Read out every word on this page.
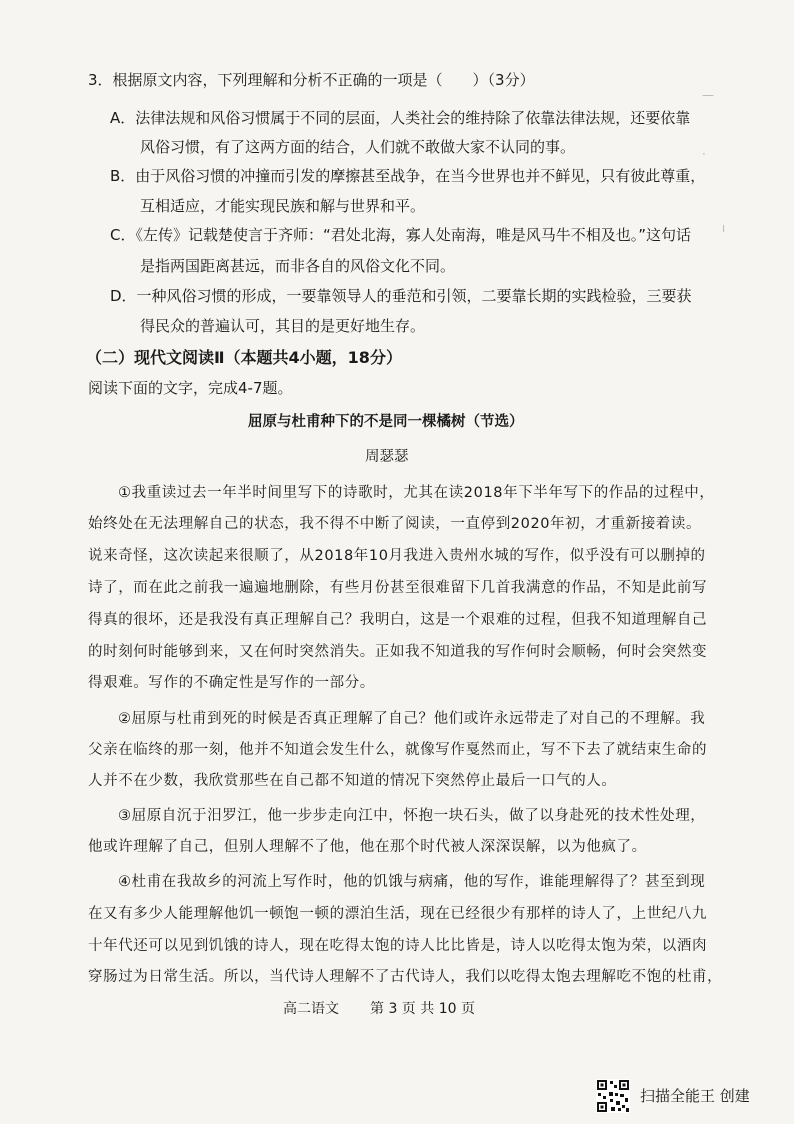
—
·
╷
3．根据原文内容，下列理解和分析不正确的一项是（　　）（3分）
A．法律法规和风俗习惯属于不同的层面，人类社会的维持除了依靠法律法规，还要依靠
风俗习惯，有了这两方面的结合，人们就不敢做大家不认同的事。
B．由于风俗习惯的冲撞而引发的摩擦甚至战争，在当今世界也并不鲜见，只有彼此尊重，
互相适应，才能实现民族和解与世界和平。
C．《左传》记载楚使言于齐师：“君处北海，寡人处南海，唯是风马牛不相及也。”这句话
是指两国距离甚远，而非各自的风俗文化不同。
D．一种风俗习惯的形成，一要靠领导人的垂范和引领，二要靠长期的实践检验，三要获
得民众的普遍认可，其目的是更好地生存。
（二）现代文阅读Ⅱ（本题共4小题，18分）
阅读下面的文字，完成4-7题。
屈原与杜甫种下的不是同一棵橘树（节选）
周瑟瑟
①我重读过去一年半时间里写下的诗歌时，尤其在读2018年下半年写下的作品的过程中，
始终处在无法理解自己的状态，我不得不中断了阅读，一直停到2020年初，才重新接着读。
说来奇怪，这次读起来很顺了，从2018年10月我进入贵州水城的写作，似乎没有可以删掉的
诗了，而在此之前我一遍遍地删除，有些月份甚至很难留下几首我满意的作品，不知是此前写
得真的很坏，还是我没有真正理解自己？我明白，这是一个艰难的过程，但我不知道理解自己
的时刻何时能够到来，又在何时突然消失。正如我不知道我的写作何时会顺畅，何时会突然变
得艰难。写作的不确定性是写作的一部分。
②屈原与杜甫到死的时候是否真正理解了自己？他们或许永远带走了对自己的不理解。我
父亲在临终的那一刻，他并不知道会发生什么，就像写作戛然而止，写不下去了就结束生命的
人并不在少数，我欣赏那些在自己都不知道的情况下突然停止最后一口气的人。
③屈原自沉于汨罗江，他一步步走向江中，怀抱一块石头，做了以身赴死的技术性处理，
他或许理解了自己，但别人理解不了他，他在那个时代被人深深误解，以为他疯了。
④杜甫在我故乡的河流上写作时，他的饥饿与病痛，他的写作，谁能理解得了？甚至到现
在又有多少人能理解他饥一顿饱一顿的漂泊生活，现在已经很少有那样的诗人了，上世纪八九
十年代还可以见到饥饿的诗人，现在吃得太饱的诗人比比皆是，诗人以吃得太饱为荣，以酒肉
穿肠过为日常生活。所以，当代诗人理解不了古代诗人，我们以吃得太饱去理解吃不饱的杜甫，
高二语文 第 3 页 共 10 页
扫描全能王 创建
